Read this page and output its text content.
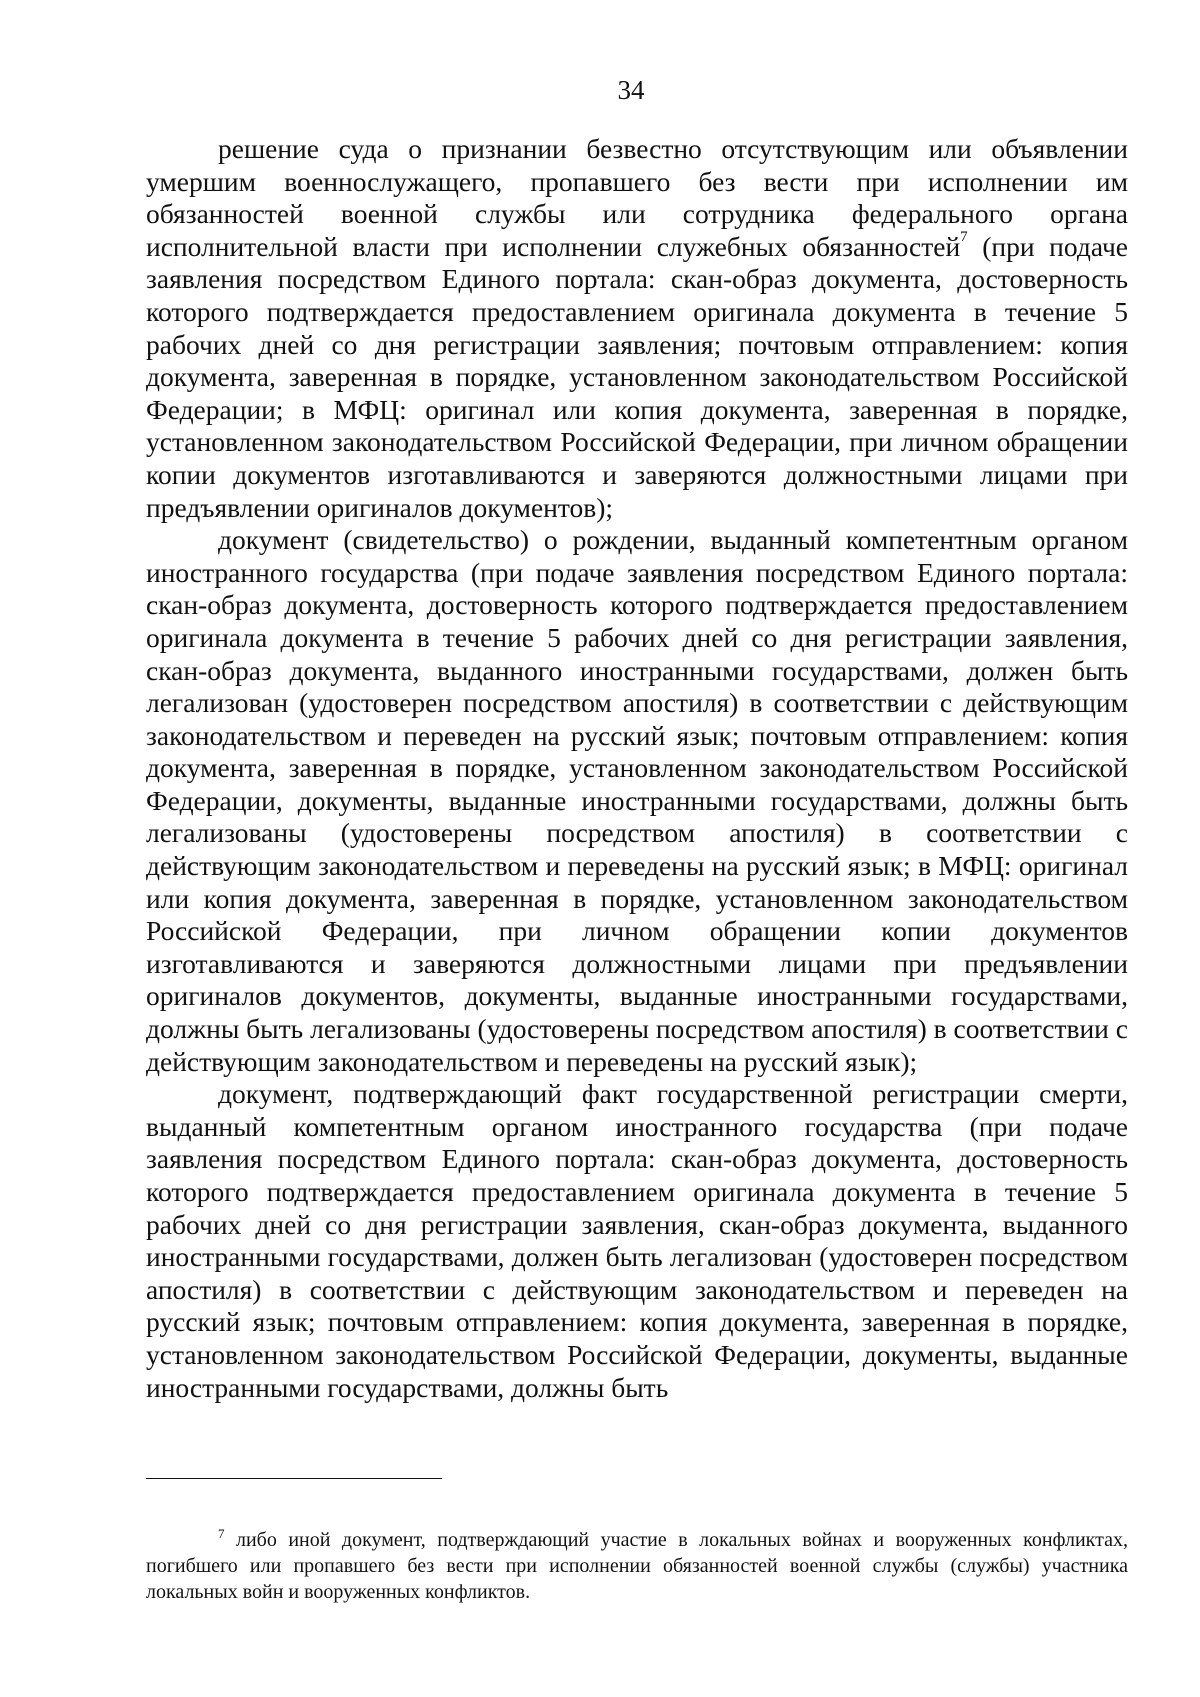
34

решение суда о признании безвестно отсутствующим или объявлении умершим военнослужащего, пропавшего без вести при исполнении им обязанностей военной службы или сотрудника федерального органа исполнительной власти при исполнении служебных обязанностей$^7$ (при подаче заявления посредством Единого портала: скан-образ документа, достоверность которого подтверждается предоставлением оригинала документа в течение 5 рабочих дней со дня регистрации заявления; почтовым отправлением: копия документа, заверенная в порядке, установленном законодательством Российской Федерации; в МФЦ: оригинал или копия документа, заверенная в порядке, установленном законодательством Российской Федерации, при личном обращении копии документов изготавливаются и заверяются должностными лицами при предъявлении оригиналов документов);

документ (свидетельство) о рождении, выданный компетентным органом иностранного государства (при подаче заявления посредством Единого портала: скан-образ документа, достоверность которого подтверждается предоставлением оригинала документа в течение 5 рабочих дней со дня регистрации заявления, скан-образ документа, выданного иностранными государствами, должен быть легализован (удостоверен посредством апостиля) в соответствии с действующим законодательством и переведен на русский язык; почтовым отправлением: копия документа, заверенная в порядке, установленном законодательством Российской Федерации, документы, выданные иностранными государствами, должны быть легализованы (удостоверены посредством апостиля) в соответствии с действующим законодательством и переведены на русский язык; в МФЦ: оригинал или копия документа, заверенная в порядке, установленном законодательством Российской Федерации, при личном обращении копии документов изготавливаются и заверяются должностными лицами при предъявлении оригиналов документов, документы, выданные иностранными государствами, должны быть легализованы (удостоверены посредством апостиля) в соответствии с действующим законодательством и переведены на русский язык);

документ, подтверждающий факт государственной регистрации смерти, выданный компетентным органом иностранного государства (при подаче заявления посредством Единого портала: скан-образ документа, достоверность которого подтверждается предоставлением оригинала документа в течение 5 рабочих дней со дня регистрации заявления, скан-образ документа, выданного иностранными государствами, должен быть легализован (удостоверен посредством апостиля) в соответствии с действующим законодательством и переведен на русский язык; почтовым отправлением: копия документа, заверенная в порядке, установленном законодательством Российской Федерации, документы, выданные иностранными государствами, должны быть

$^7$ либо иной документ, подтверждающий участие в локальных войнах и вооруженных конфликтах, погибшего или пропавшего без вести при исполнении обязанностей военной службы (службы) участника локальных войн и вооруженных конфликтов.
